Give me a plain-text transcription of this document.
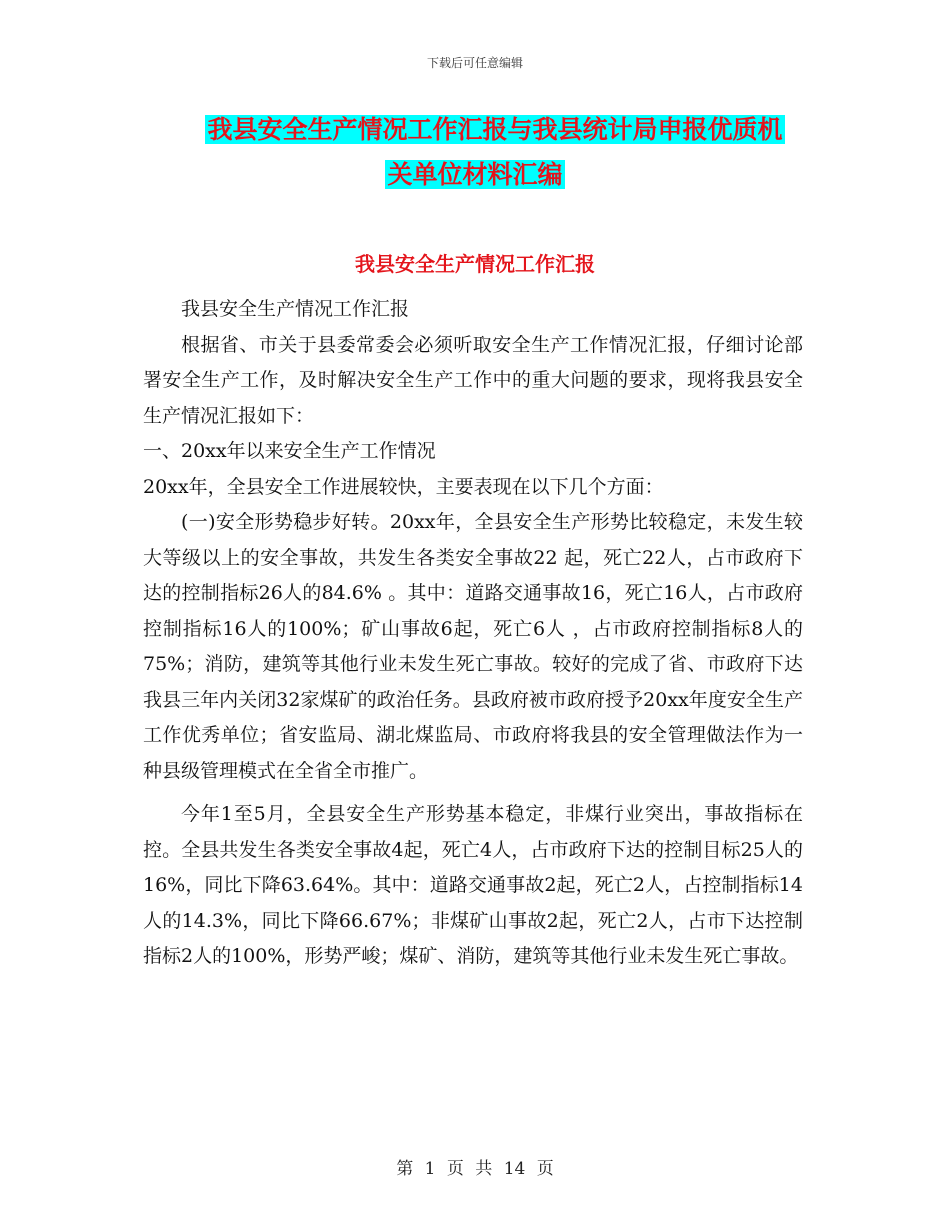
下载后可任意编辑
我县安全生产情况工作汇报与我县统计局申报优质机
关单位材料汇编
我县安全生产情况工作汇报

我县安全生产情况工作汇报

根据省、市关于县委常委会必须听取安全生产工作情况汇报，仔细讨论部署安全生产工作，及时解决安全生产工作中的重大问题的要求，现将我县安全生产情况汇报如下：

一、20xx年以来安全生产工作情况

20xx年，全县安全工作进展较快，主要表现在以下几个方面：

(一)安全形势稳步好转。20xx年，全县安全生产形势比较稳定，未发生较大等级以上的安全事故，共发生各类安全事故22 起，死亡22人，占市政府下达的控制指标26人的84.6% 。其中：道路交通事故16，死亡16人，占市政府控制指标16人的100%；矿山事故6起，死亡6人 ，占市政府控制指标8人的75%；消防，建筑等其他行业未发生死亡事故。较好的完成了省、市政府下达我县三年内关闭32家煤矿的政治任务。县政府被市政府授予20xx年度安全生产工作优秀单位；省安监局、湖北煤监局、市政府将我县的安全管理做法作为一种县级管理模式在全省全市推广。

今年1至5月，全县安全生产形势基本稳定，非煤行业突出，事故指标在控。全县共发生各类安全事故4起，死亡4人，占市政府下达的控制目标25人的16%，同比下降63.64%。其中：道路交通事故2起，死亡2人，占控制指标14人的14.3%，同比下降66.67%；非煤矿山事故2起，死亡2人，占市下达控制指标2人的100%，形势严峻；煤矿、消防，建筑等其他行业未发生死亡事故。

第 1 页 共 14 页
